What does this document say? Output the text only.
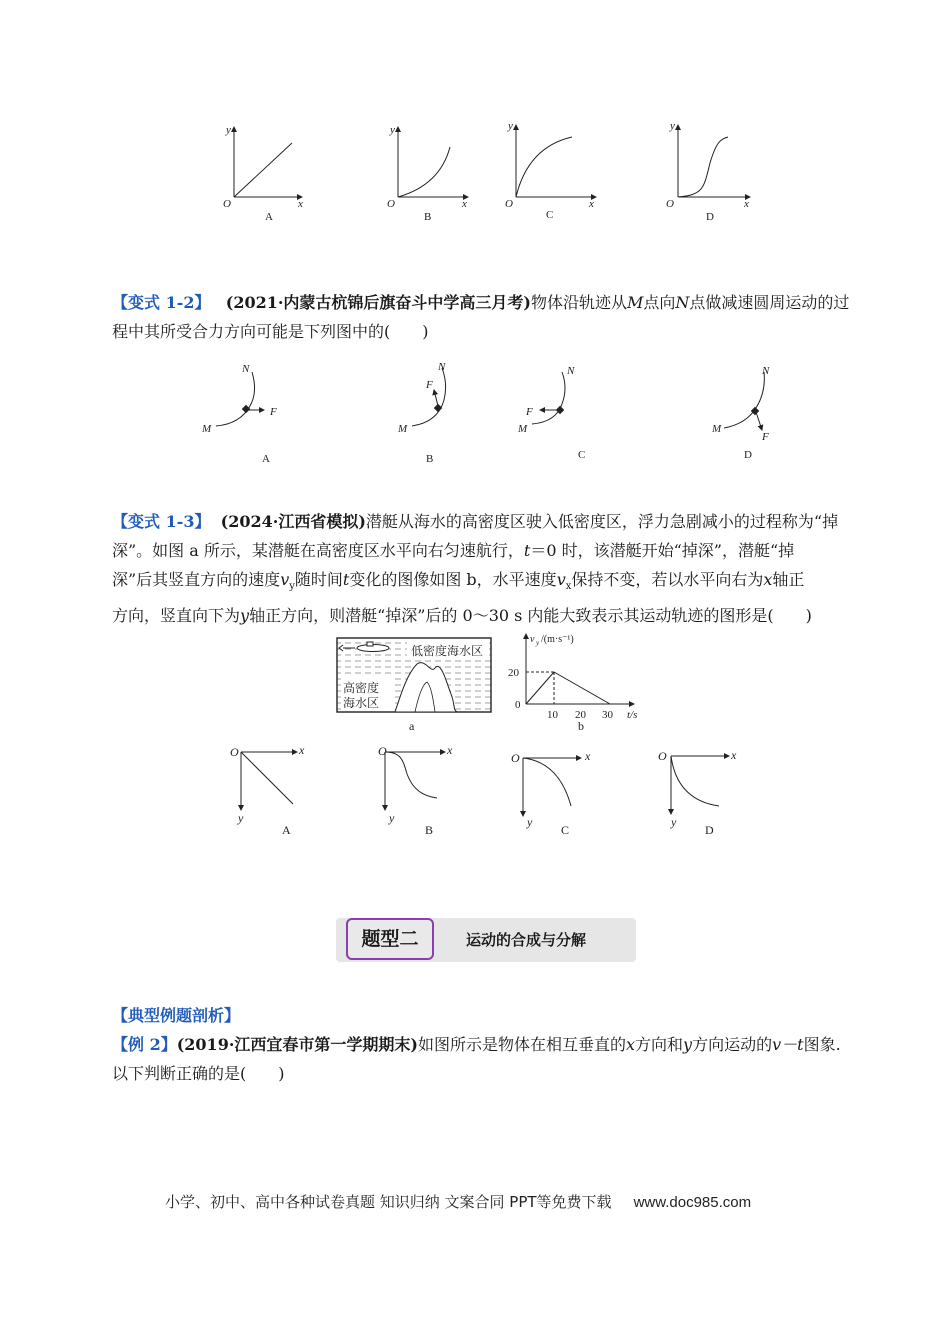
y
x
O
A
y
x
O
B
y
x
O
C
y
x
O
D
【变式 1-2】 (2021·内蒙古杭锦后旗奋斗中学高三月考)物体沿轨迹从M点向N点做减速圆周运动的过
程中其所受合力方向可能是下列图中的(　　)
N
M
F
A
N
F
M
B
N
F
M
C
N
M
F
D
【变式 1-3】 (2024·江西省模拟)潜艇从海水的高密度区驶入低密度区，浮力急剧减小的过程称为“掉
深”。如图 a 所示，某潜艇在高密度区水平向右匀速航行，t＝0 时，该潜艇开始“掉深”，潜艇“掉
深”后其竖直方向的速度$v_y$随时间t变化的图像如图 b，水平速度$v_x$保持不变，若以水平向右为x轴正
方向，竖直向下为y轴正方向，则潜艇“掉深”后的 0～30 s 内能大致表示其运动轨迹的图形是(　　)
低密度海水区
高密度
海水区
a
v y /(m·s⁻¹)
20
0
10 20 30 t/s
b
O	x
y
A
O	x
y
B
O	x
y
C
O	x
y
D
题型二	运动的合成与分解
【典型例题剖析】
【例 2】(2019·江西宜春市第一学期期末)如图所示是物体在相互垂直的x方向和y方向运动的v－t图象.
以下判断正确的是(　　)
小学、初中、高中各种试卷真题 知识归纳 文案合同 PPT等免费下载 www.doc985.com
